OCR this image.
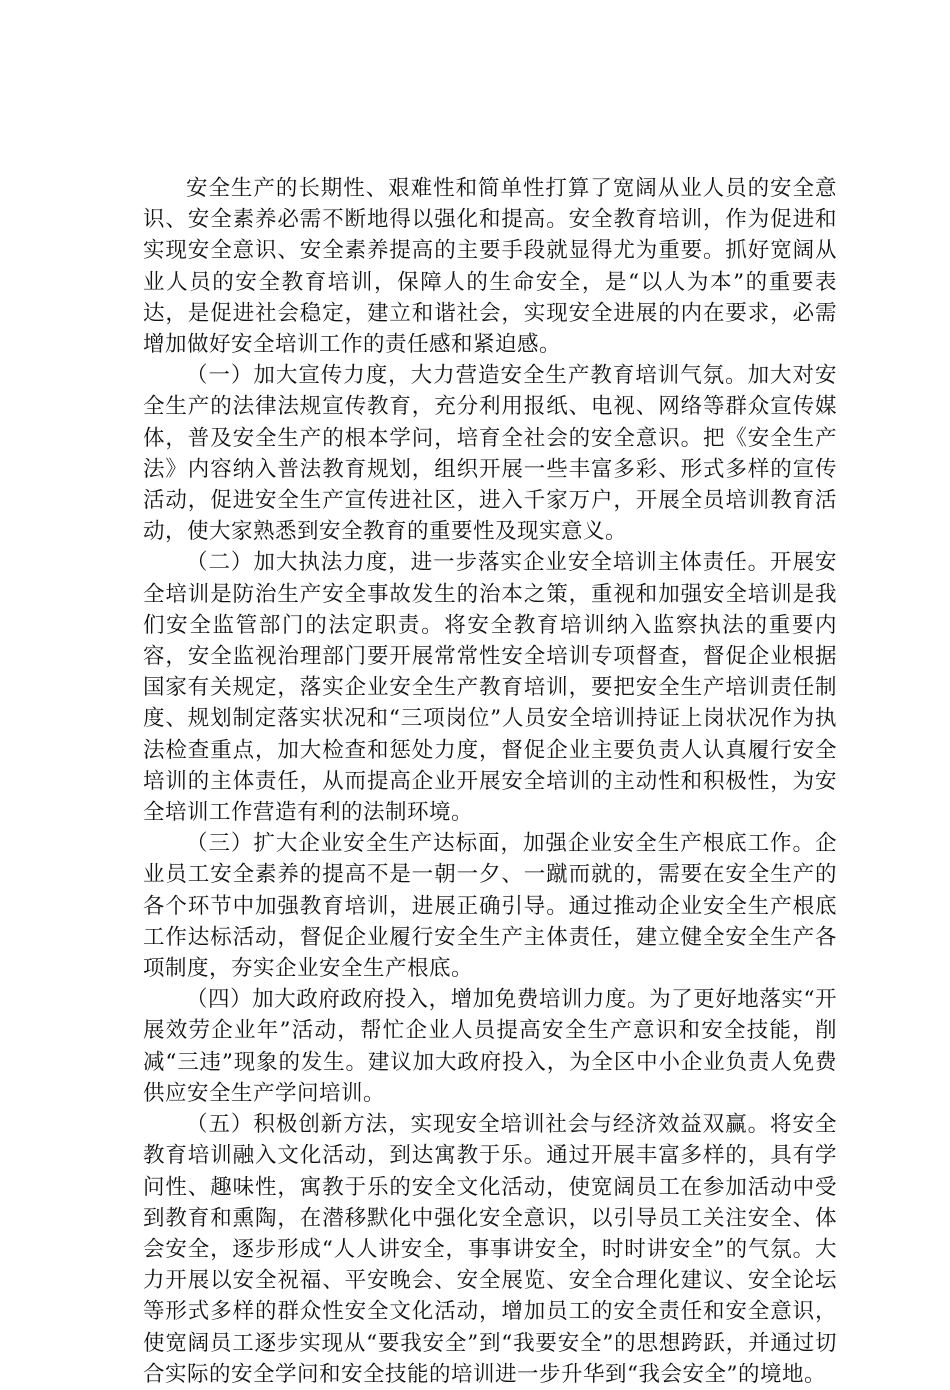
安全生产的长期性、艰难性和简单性打算了宽阔从业人员的安全意识、安全素养必需不断地得以强化和提高。安全教育培训，作为促进和实现安全意识、安全素养提高的主要手段就显得尤为重要。抓好宽阔从业人员的安全教育培训，保障人的生命安全，是“以人为本”的重要表达，是促进社会稳定，建立和谐社会，实现安全进展的内在要求，必需增加做好安全培训工作的责任感和紧迫感。

（一）加大宣传力度，大力营造安全生产教育培训气氛。加大对安全生产的法律法规宣传教育，充分利用报纸、电视、网络等群众宣传媒体，普及安全生产的根本学问，培育全社会的安全意识。把《安全生产法》内容纳入普法教育规划，组织开展一些丰富多彩、形式多样的宣传活动，促进安全生产宣传进社区，进入千家万户，开展全员培训教育活动，使大家熟悉到安全教育的重要性及现实意义。

（二）加大执法力度，进一步落实企业安全培训主体责任。开展安全培训是防治生产安全事故发生的治本之策，重视和加强安全培训是我们安全监管部门的法定职责。将安全教育培训纳入监察执法的重要内容，安全监视治理部门要开展常常性安全培训专项督查，督促企业根据国家有关规定，落实企业安全生产教育培训，要把安全生产培训责任制度、规划制定落实状况和“三项岗位”人员安全培训持证上岗状况作为执法检查重点，加大检查和惩处力度，督促企业主要负责人认真履行安全培训的主体责任，从而提高企业开展安全培训的主动性和积极性，为安全培训工作营造有利的法制环境。

（三）扩大企业安全生产达标面，加强企业安全生产根底工作。企业员工安全素养的提高不是一朝一夕、一蹴而就的，需要在安全生产的各个环节中加强教育培训，进展正确引导。通过推动企业安全生产根底工作达标活动，督促企业履行安全生产主体责任，建立健全安全生产各项制度，夯实企业安全生产根底。

（四）加大政府政府投入，增加免费培训力度。为了更好地落实“开展效劳企业年”活动，帮忙企业人员提高安全生产意识和安全技能，削减“三违”现象的发生。建议加大政府投入，为全区中小企业负责人免费供应安全生产学问培训。

（五）积极创新方法，实现安全培训社会与经济效益双赢。将安全教育培训融入文化活动，到达寓教于乐。通过开展丰富多样的，具有学问性、趣味性，寓教于乐的安全文化活动，使宽阔员工在参加活动中受到教育和熏陶，在潜移默化中强化安全意识，以引导员工关注安全、体会安全，逐步形成“人人讲安全，事事讲安全，时时讲安全”的气氛。大力开展以安全祝福、平安晚会、安全展览、安全合理化建议、安全论坛等形式多样的群众性安全文化活动，增加员工的安全责任和安全意识，使宽阔员工逐步实现从“要我安全”到“我要安全”的思想跨跃，并通过切合实际的安全学问和安全技能的培训进一步升华到“我会安全”的境地。
